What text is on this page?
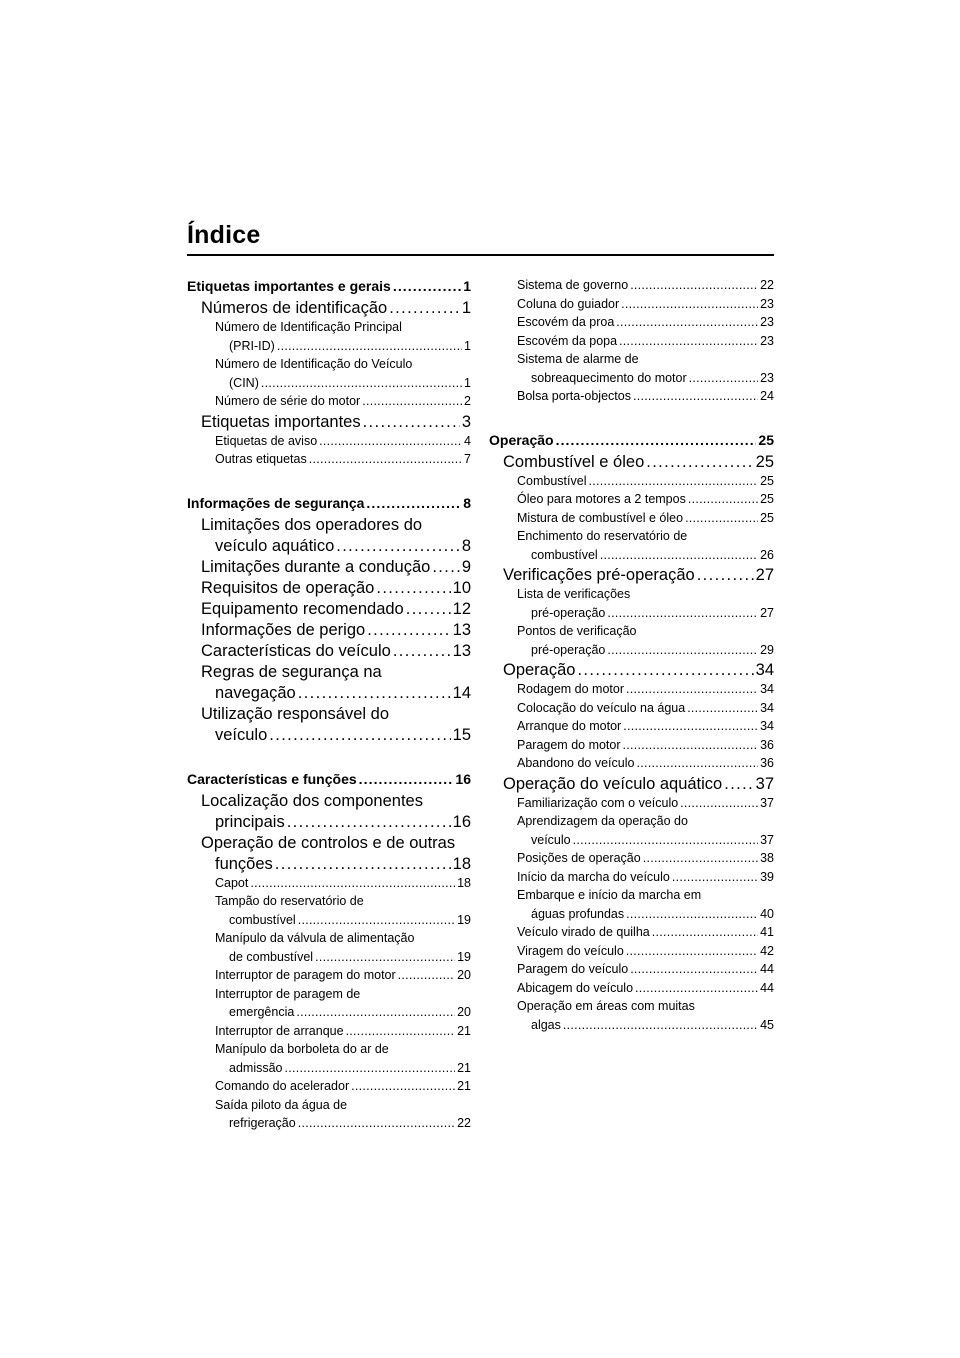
Índice
Etiquetas importantes e gerais . . .	1
Números de identificação . . .	1
Número de Identificação Principal
(PRI-ID) . . .	1
Número de Identificação do Veículo
(CIN) . . .	1
Número de série do motor . . .	2
Etiquetas importantes . . .	3
Etiquetas de aviso . . .	4
Outras etiquetas . . .	7
Informações de segurança . . .	8
Limitações dos operadores do
veículo aquático . . .	8
Limitações durante a condução . . . 9
Requisitos de operação . . .	10
Equipamento recomendado . . .	12
Informações de perigo . . .	13
Características do veículo . . .	13
Regras de segurança na
navegação . . .	14
Utilização responsável do
veículo . . .	15
Características e funções . . .	16
Localização dos componentes
principais . . .	16
Operação de controlos e de outras
funções . . .	18
Capot . . .	18
Tampão do reservatório de
combustível . . .	19
Manípulo da válvula de alimentação
de combustível . . .	19
Interruptor de paragem do motor . . .	20
Interruptor de paragem de
emergência . . .	20
Interruptor de arranque . . .	21
Manípulo da borboleta do ar de
admissão . . .	21
Comando do acelerador . . .	21
Saída piloto da água de
refrigeração . . .	22
Sistema de governo . . .	22
Coluna do guiador . . .	23
Escovém da proa . . .	23
Escovém da popa . . .	23
Sistema de alarme de
sobreaquecimento do motor . . .	23
Bolsa porta-objectos . . .	24
Operação . . .	25
Combustível e óleo . . .	25
Combustível . . .	25
Óleo para motores a 2 tempos . . .	25
Mistura de combustível e óleo . . .	25
Enchimento do reservatório de
combustível . . .	26
Verificações pré-operação . . .	27
Lista de verificações
pré-operação . . .	27
Pontos de verificação
pré-operação . . .	29
Operação . . .	34
Rodagem do motor . . .	34
Colocação do veículo na água . . .	34
Arranque do motor . . .	34
Paragem do motor . . .	36
Abandono do veículo . . .	36
Operação do veículo aquático . . . 37
Familiarização com o veículo . . .	37
Aprendizagem da operação do
veículo . . .	37
Posições de operação . . .	38
Início da marcha do veículo . . .	39
Embarque e início da marcha em
águas profundas . . .	40
Veículo virado de quilha . . .	41
Viragem do veículo . . .	42
Paragem do veículo . . .	44
Abicagem do veículo . . .	44
Operação em áreas com muitas
algas . . .	45
